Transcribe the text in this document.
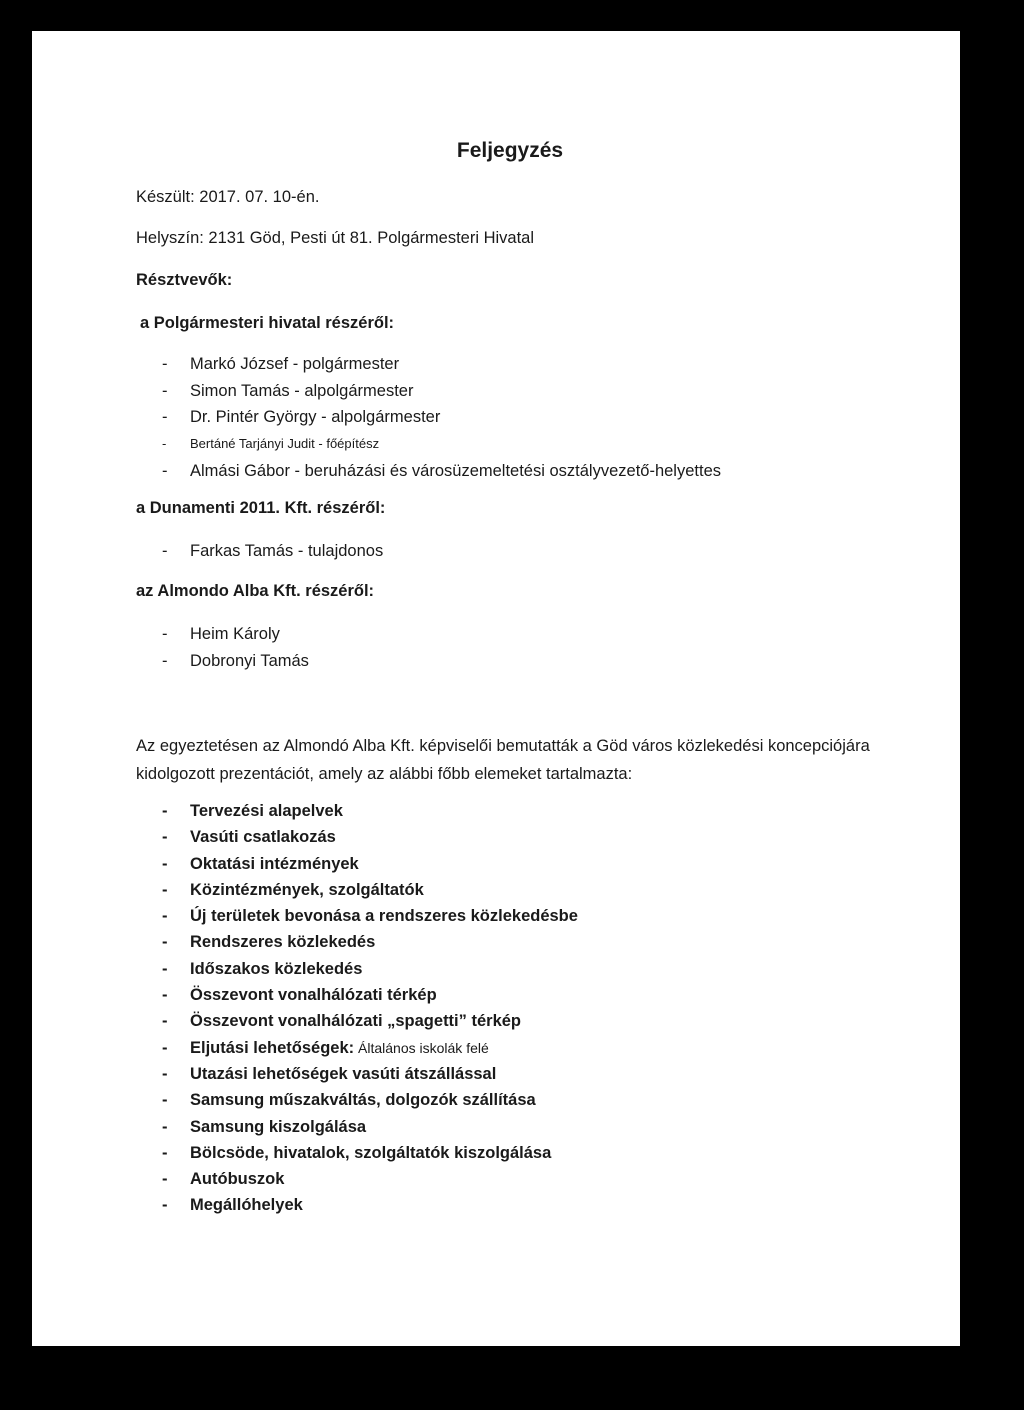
Feljegyzés
Készült: 2017. 07. 10-én.
Helyszín: 2131 Göd, Pesti út 81. Polgármesteri Hivatal
Résztvevők:
a Polgármesteri hivatal részéről:
- Markó József - polgármester
- Simon Tamás - alpolgármester
- Dr. Pintér György - alpolgármester
- Bertáné Tarjányi Judit - főépítész
- Almási Gábor - beruházási és városüzemeltetési osztályvezető-helyettes
a Dunamenti 2011. Kft. részéről:
- Farkas Tamás - tulajdonos
az Almondo Alba Kft. részéről:
- Heim Károly
- Dobronyi Tamás
Az egyeztetésen az Almondó Alba Kft. képviselői bemutatták a Göd város közlekedési koncepciójára kidolgozott prezentációt, amely az alábbi főbb elemeket tartalmazta:
- Tervezési alapelvek
- Vasúti csatlakozás
- Oktatási intézmények
- Közintézmények, szolgáltatók
- Új területek bevonása a rendszeres közlekedésbe
- Rendszeres közlekedés
- Időszakos közlekedés
- Összevont vonalhálózati térkép
- Összevont vonalhálózati „spagetti” térkép
- Eljutási lehetőségek: Általános iskolák felé
- Utazási lehetőségek vasúti átszállással
- Samsung műszakváltás, dolgozók szállítása
- Samsung kiszolgálása
- Bölcsöde, hivatalok, szolgáltatók kiszolgálása
- Autóbuszok
- Megállóhelyek
